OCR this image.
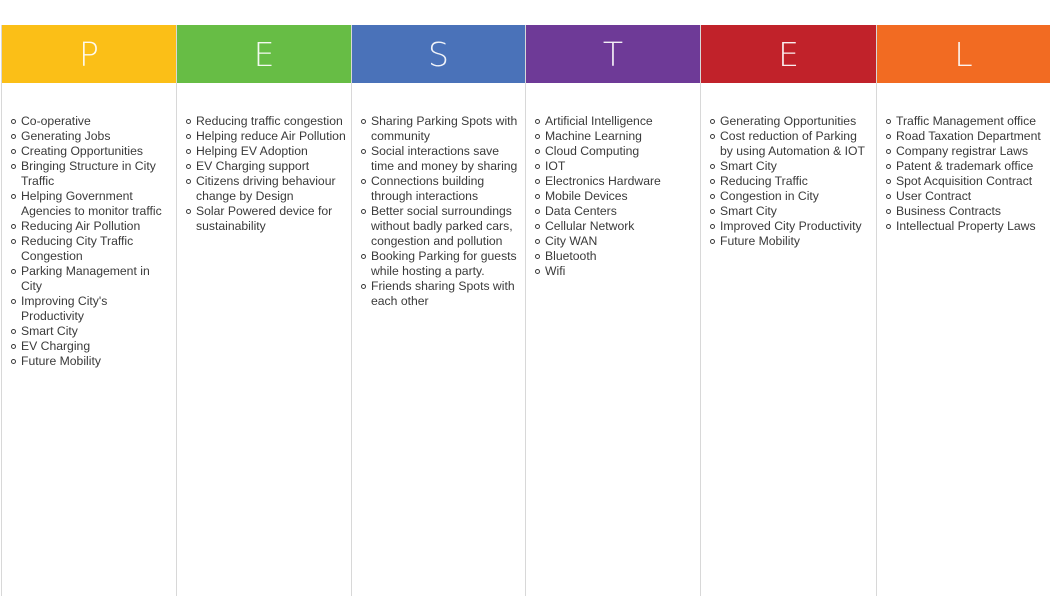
P
Co-operative
Generating Jobs
Creating Opportunities
Bringing Structure in City Traffic
Helping Government Agencies to monitor traffic
Reducing Air Pollution
Reducing City Traffic Congestion
Parking Management in City
Improving City's Productivity
Smart City
EV Charging
Future Mobility
E
Reducing traffic congestion
Helping reduce Air Pollution
Helping EV Adoption
EV Charging support
Citizens driving behaviour change by Design
Solar Powered device for sustainability
S
Sharing Parking Spots with community
Social interactions save time and money by sharing
Connections building through interactions
Better social surroundings without badly parked cars, congestion and pollution
Booking Parking for guests while hosting a party.
Friends sharing Spots with each other
T
Artificial Intelligence
Machine Learning
Cloud Computing
IOT
Electronics Hardware
Mobile Devices
Data Centers
Cellular Network
City WAN
Bluetooth
Wifi
E
Generating Opportunities
Cost reduction of Parking by using Automation & IOT
Smart City
Reducing Traffic
Congestion in City
Smart City
Improved City Productivity
Future Mobility
L
Traffic Management office
Road Taxation Department
Company registrar Laws
Patent & trademark office
Spot Acquisition Contract
User Contract
Business Contracts
Intellectual Property Laws
